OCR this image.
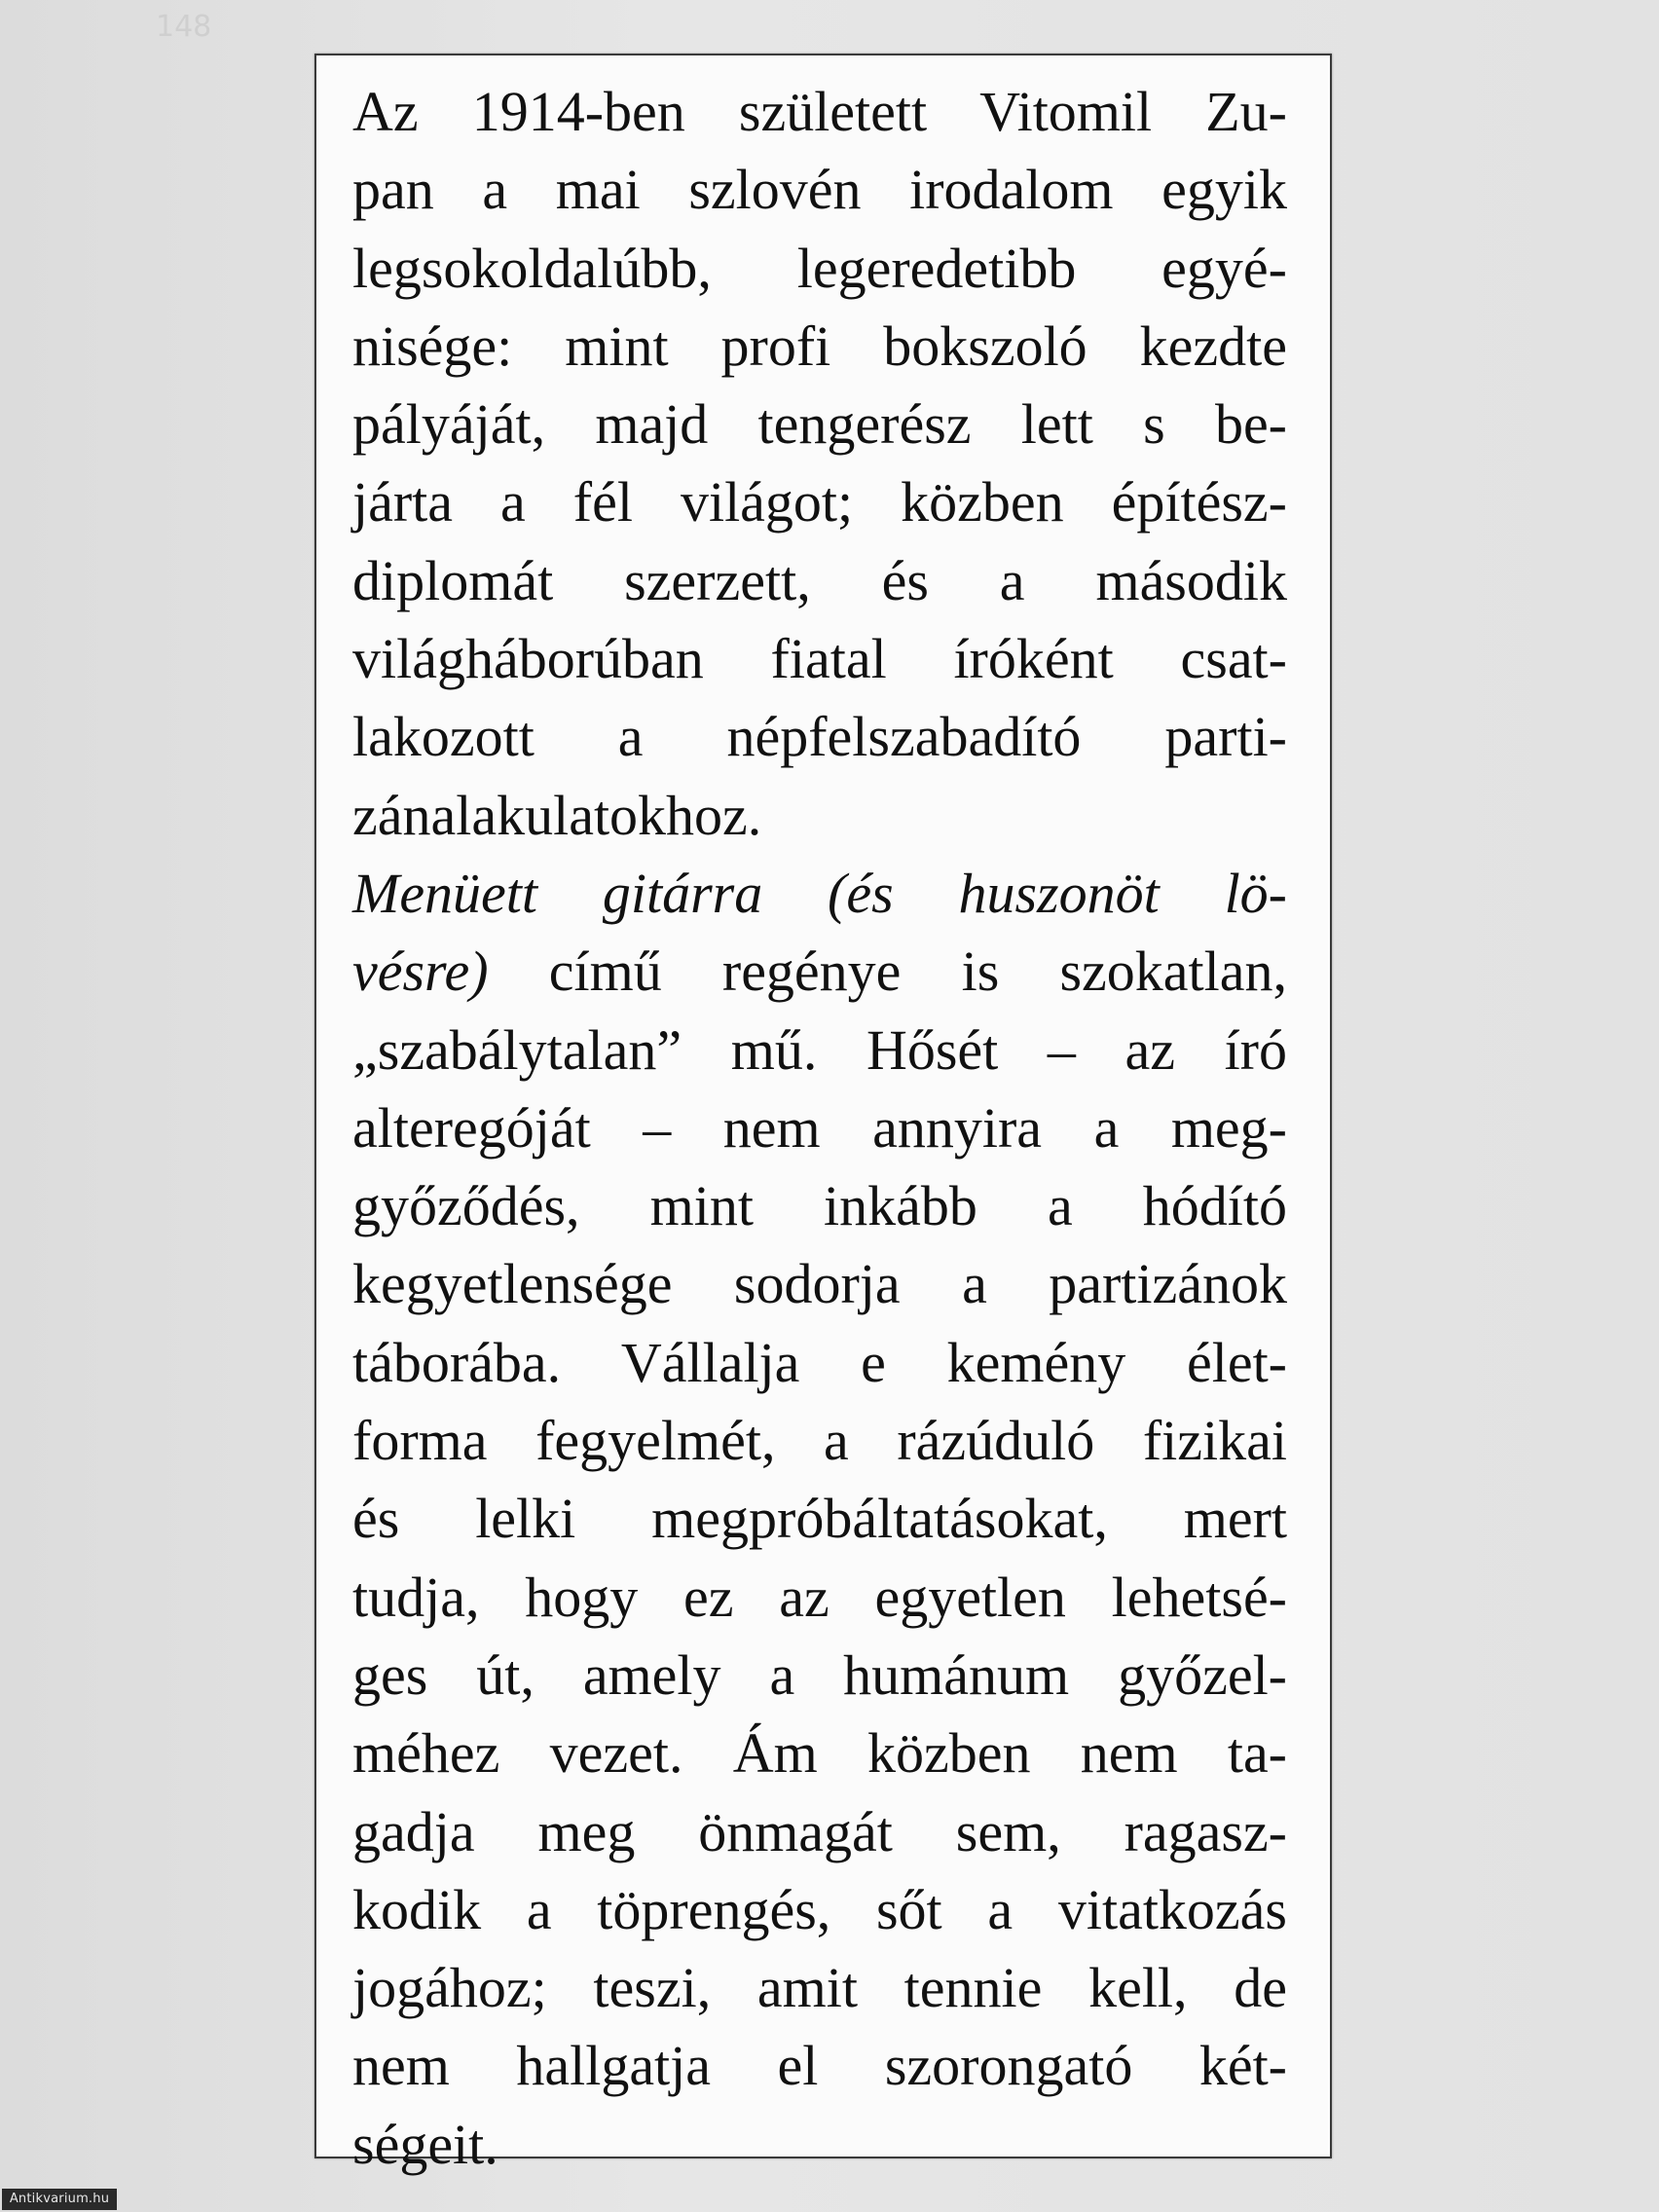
148
Az 1914-ben született Vitomil Zu-
pan a mai szlovén irodalom egyik
legsokoldalúbb, legeredetibb egyé-
nisége: mint profi bokszoló kezdte
pályáját, majd tengerész lett s be-
járta a fél világot; közben építész-
diplomát szerzett, és a második
világháborúban fiatal íróként csat-
lakozott a népfelszabadító parti-
zánalakulatokhoz.
Menüett gitárra (és huszonöt lö-
vésre) című regénye is szokatlan,
„szabálytalan” mű. Hősét – az író
alteregóját – nem annyira a meg-
győződés, mint inkább a hódító
kegyetlensége sodorja a partizánok
táborába. Vállalja e kemény élet-
forma fegyelmét, a rázúduló fizikai
és lelki megpróbáltatásokat, mert
tudja, hogy ez az egyetlen lehetsé-
ges út, amely a humánum győzel-
méhez vezet. Ám közben nem ta-
gadja meg önmagát sem, ragasz-
kodik a töprengés, sőt a vitatkozás
jogához; teszi, amit tennie kell, de
nem hallgatja el szorongató két-
ségeit.
Antikvarium.hu
